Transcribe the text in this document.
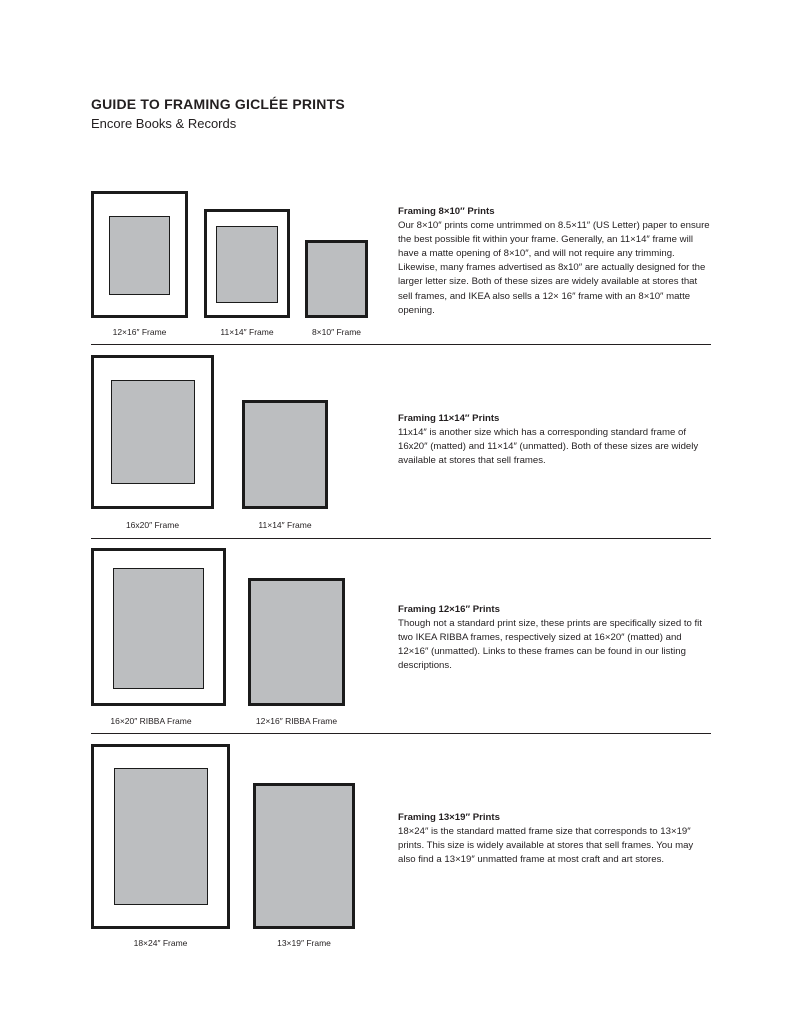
GUIDE TO FRAMING GICLÉE PRINTS
Encore Books & Records
12×16″ Frame	11×14″ Frame	8×10″ Frame
Framing 8×10″ Prints
Our 8×10″ prints come untrimmed on 8.5×11″ (US Letter) paper to ensure the best possible fit within your frame. Generally, an 11×14″ frame will have a matte opening of 8×10″, and will not require any trimming. Likewise, many frames advertised as 8x10″ are actually designed for the larger letter size. Both of these sizes are widely available at stores that sell frames, and IKEA also sells a 12× 16″ frame with an 8×10″ matte opening.
16x20″ Frame	11×14″ Frame
Framing 11×14″ Prints
11x14″ is another size which has a corresponding standard frame of 16x20″ (matted) and 11×14″ (unmatted). Both of these sizes are widely available at stores that sell frames.
16×20″ RIBBA Frame	12×16″ RIBBA Frame
Framing 12×16″ Prints
Though not a standard print size, these prints are specifically sized to fit two IKEA RIBBA frames, respectively sized at 16×20″ (matted) and 12×16″ (unmatted). Links to these frames can be found in our listing descriptions.
18×24″ Frame	13×19″ Frame
Framing 13×19″ Prints
18×24″ is the standard matted frame size that corresponds to 13×19″ prints. This size is widely available at stores that sell frames. You may also find a 13×19″ unmatted frame at most craft and art stores.
